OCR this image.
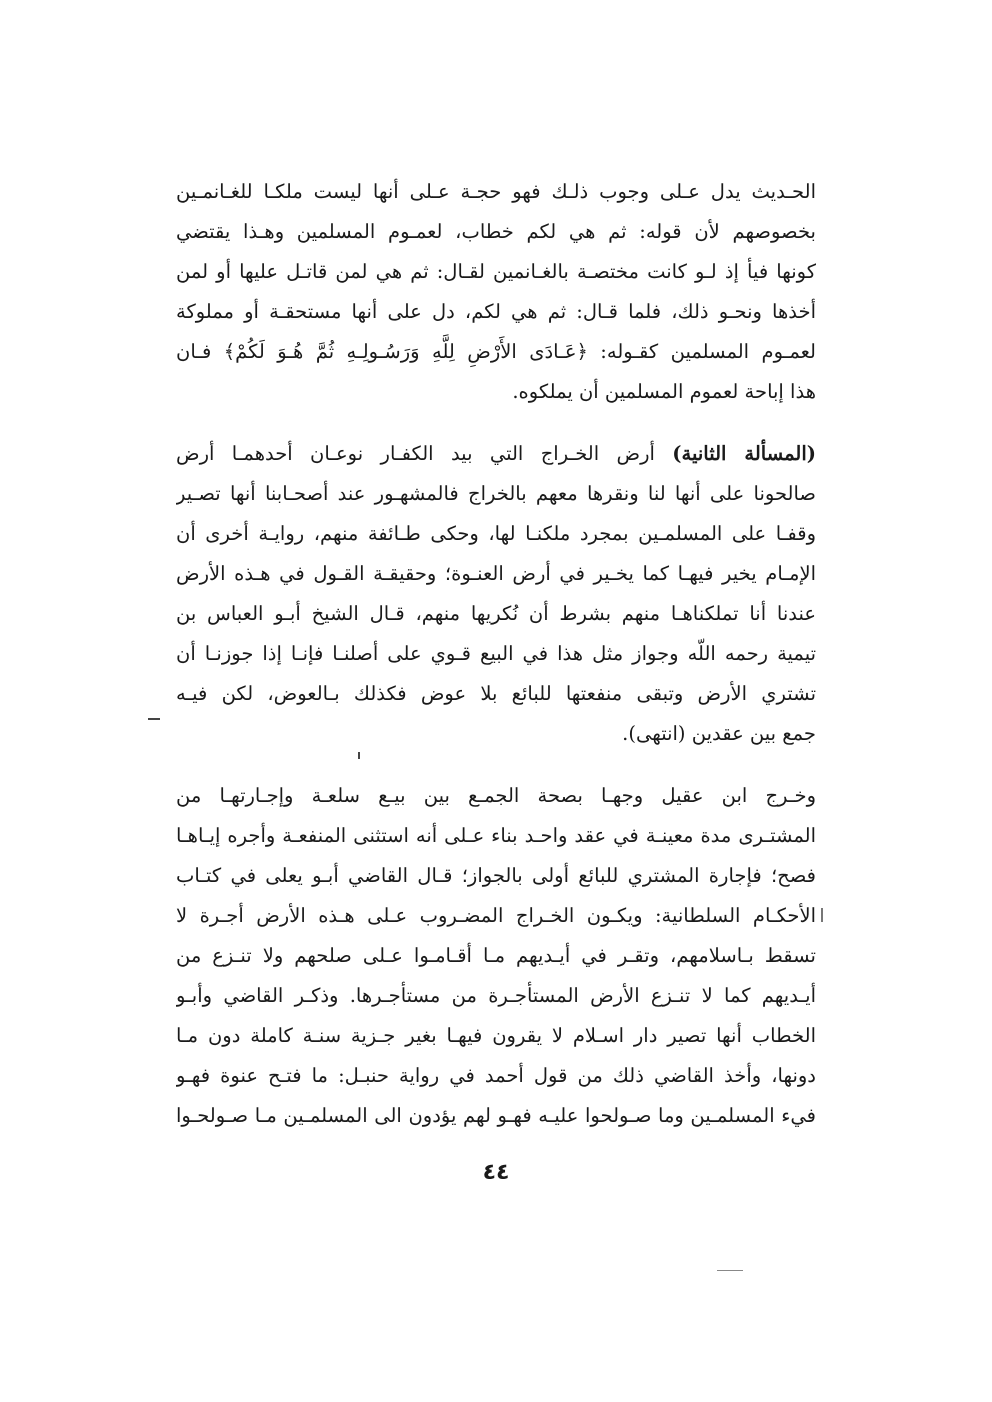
الحـديث يدل عـلى وجوب ذلـك فهو حجـة عـلى أنها ليست ملكـا للغـانمـين
بخصوصهم لأن قوله: ثم هي لكم خطاب، لعمـوم المسلمين وهـذا يقتضي
كونها فيأ إذ لـو كانت مختصـة بالغـانمين لقـال: ثم هي لمن قاتـل عليها أو لمن
أخذها ونحـو ذلك، فلما قـال: ثم هي لكم، دل على أنها مستحقـة أو مملوكة
لعمـوم المسلمين كقـوله: ﴿عَـادَى الأَرْضِ لِلَّهِ وَرَسُـولِـهِ ثُمَّ هُـوَ لَكُمْ﴾ فـان
هذا إباحة لعموم المسلمين أن يملكوه.
(المسألة الثانية) أرض الخـراج التي بيد الكفـار نوعـان أحدهمـا أرض
صالحونا على أنها لنا ونقرها معهم بالخراج فالمشهـور عند أصحـابنا أنها تصـير
وقفـا على المسلمـين بمجرد ملكنـا لها، وحكى طـائفة منهم، روايـة أخرى أن
الإمـام يخير فيهـا كما يخـير في أرض العنـوة؛ وحقيقـة القـول في هـذه الأرض
عندنا أنا تملكناهـا منهم بشرط أن نُكريها منهم، قـال الشيخ أبـو العباس بن
تيمية رحمه اللّه وجواز مثل هذا في البيع قـوي على أصلنـا فإنـا إذا جوزنـا أن
تشتري الأرض وتبقى منفعتها للبائع بلا عوض فكذلك بـالعوض، لكن فيـه
جمع بين عقدين (انتهى).
وخـرج ابن عقيل وجهـا بصحة الجمـع بين بيـع سلعـة وإجـارتهـا من
المشتـرى مدة معينـة في عقد واحـد بناء عـلى أنه استثنى المنفعـة وأجره إيـاهـا
فصح؛ فإجارة المشتري للبائع أولى بالجواز؛ قـال القاضي أبـو يعلى في كتـاب
الأحكـام السلطانية: ويكـون الخـراج المضـروب عـلى هـذه الأرض أجـرة لا
تسقط بـاسلامهم، وتقـر في أيـديهم مـا أقـامـوا عـلى صلحهم ولا تنـزع من
أيـديهم كما لا تنـزع الأرض المستأجـرة من مستأجـرها. وذكـر القاضي وأبـو
الخطاب أنها تصير دار اسـلام لا يقرون فيهـا بغير جـزية سنـة كاملة دون مـا
دونها، وأخذ القاضي ذلك من قول أحمد في رواية حنبـل: ما فتـح عنوة فهـو
فيء المسلمـين وما صـولحوا عليـه فهـو لهم يؤدون الى المسلمـين مـا صـولحـوا
٤٤
